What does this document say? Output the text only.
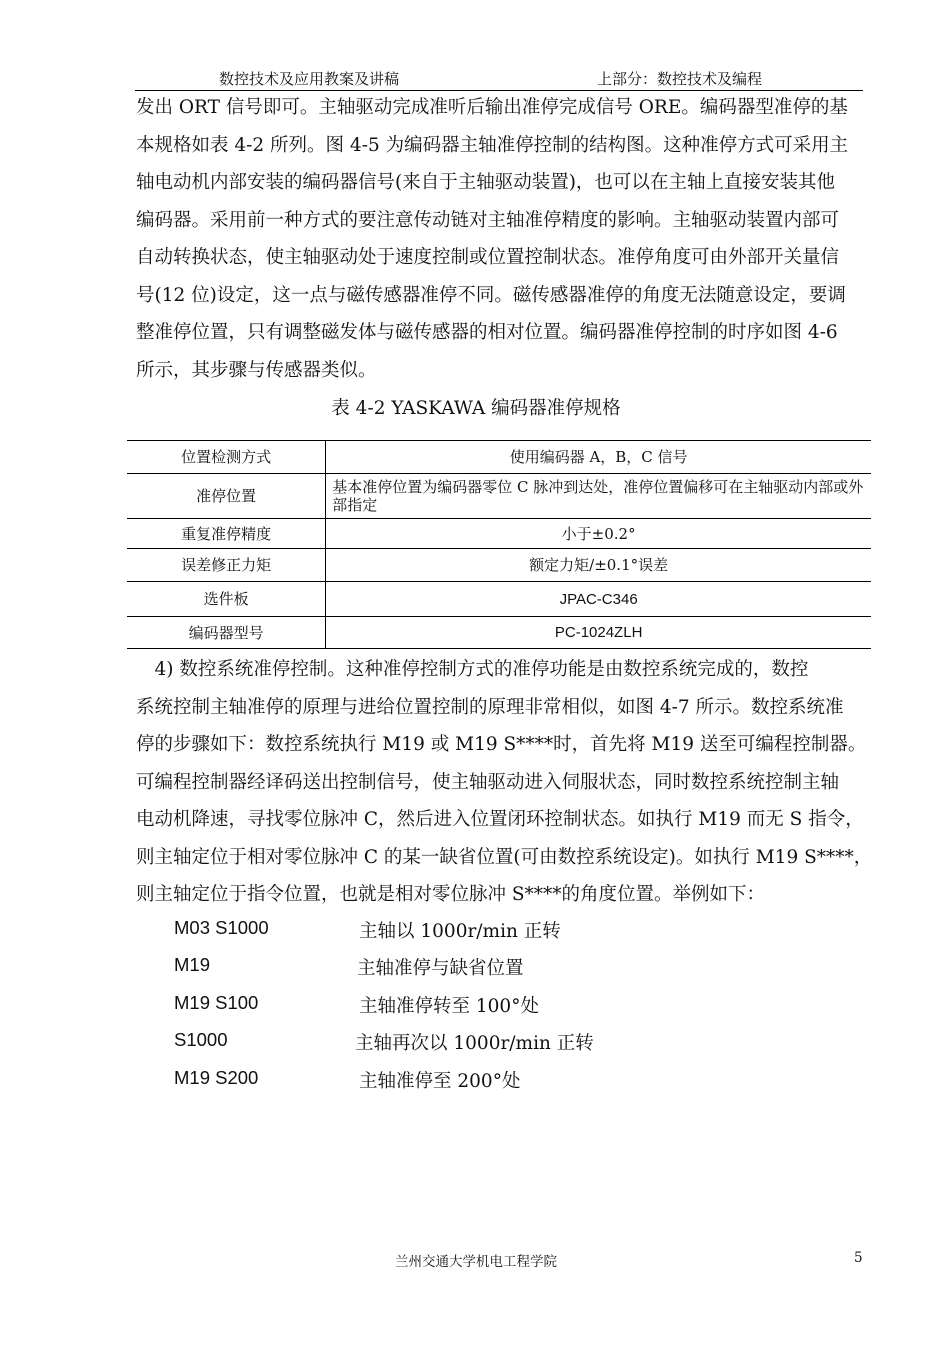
数控技术及应用教案及讲稿	上部分：数控技术及编程
发出 ORT 信号即可。主轴驱动完成准听后输出准停完成信号 ORE。编码器型准停的基
本规格如表 4-2 所列。图 4-5 为编码器主轴准停控制的结构图。这种准停方式可采用主
轴电动机内部安装的编码器信号(来自于主轴驱动装置)，也可以在主轴上直接安装其他
编码器。采用前一种方式的要注意传动链对主轴准停精度的影响。主轴驱动装置内部可
自动转换状态，使主轴驱动处于速度控制或位置控制状态。准停角度可由外部开关量信
号(12 位)设定，这一点与磁传感器准停不同。磁传感器准停的角度无法随意设定，要调
整准停位置，只有调整磁发体与磁传感器的相对位置。编码器准停控制的时序如图 4-6
所示，其步骤与传感器类似。
表 4-2 YASKAWA 编码器准停规格
位置检测方式	使用编码器 A，B，C 信号
准停位置	基本准停位置为编码器零位 C 脉冲到达处，准停位置偏移可在主轴驱动内部或外部指定
重复准停精度	小于±0.2°
误差修正力矩	额定力矩/±0.1°误差
选件板	JPAC-C346
编码器型号	PC-1024ZLH
　4) 数控系统准停控制。这种准停控制方式的准停功能是由数控系统完成的，数控
系统控制主轴准停的原理与进给位置控制的原理非常相似，如图 4-7 所示。数控系统准
停的步骤如下：数控系统执行 M19 或 M19 S****时，首先将 M19 送至可编程控制器。
可编程控制器经译码送出控制信号，使主轴驱动进入伺服状态，同时数控系统控制主轴
电动机降速，寻找零位脉冲 C，然后进入位置闭环控制状态。如执行 M19 而无 S 指令，
则主轴定位于相对零位脉冲 C 的某一缺省位置(可由数控系统设定)。如执行 M19 S****，
则主轴定位于指令位置，也就是相对零位脉冲 S****的角度位置。举例如下：
M03 S1000	主轴以 1000r/min 正转
M19	主轴准停与缺省位置
M19 S100	主轴准停转至 100°处
S1000	主轴再次以 1000r/min 正转
M19 S200	主轴准停至 200°处
兰州交通大学机电工程学院	5
